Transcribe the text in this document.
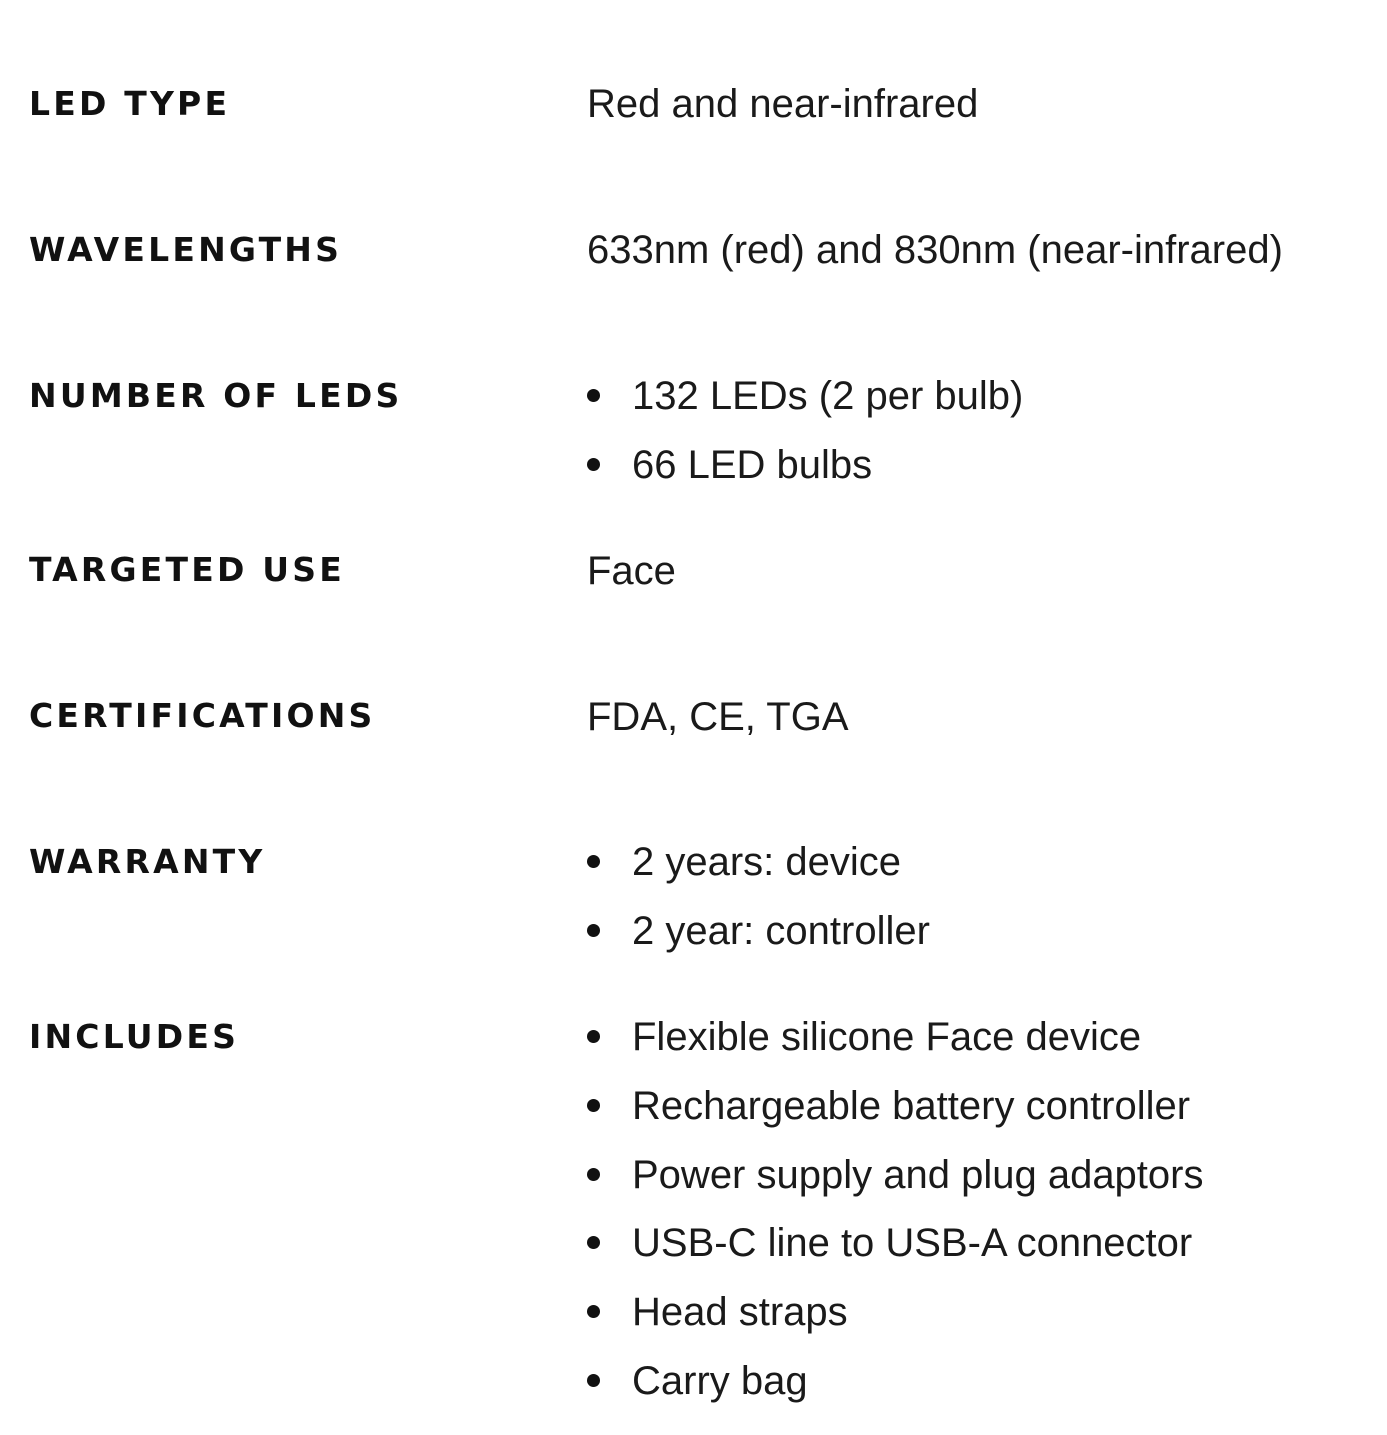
LED TYPE	Red and near-infrared
WAVELENGTHS	633nm (red) and 830nm (near-infrared)
NUMBER OF LEDS	132 LEDs (2 per bulb)
66 LED bulbs
TARGETED USE	Face
CERTIFICATIONS	FDA, CE, TGA
WARRANTY	2 years: device
2 year: controller
INCLUDES	Flexible silicone Face device
Rechargeable battery controller
Power supply and plug adaptors
USB-C line to USB-A connector
Head straps
Carry bag
